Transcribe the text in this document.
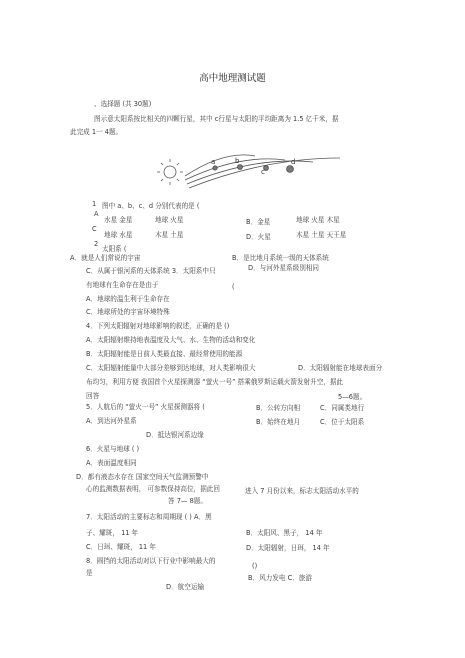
高中地理测试题
、选择题 (共 30题)
图示意太阳系按比相关的四颗行星，其中 c行星与太阳的平均距离为 1.5 亿千米，据
此完成 1一 4题。
a	b
c
d
1 图中 a、b、c、d 分别代表的是 (
A
水星 金星	地球 火星
C
地球 水星	木星 土星
B．金星	地球 火星 木星
D．火星	木星 土星 天王星
2
太阳系 (
A．就是人们常说的宇宙	B．是比地月系统一级的天体系统
C．从属于银河系的天体系统 3．太阳系中只	D．与河外星系级别相同
有地球有生命存在是由于	(
A．地球的温生利于生命存在
C．地球所处的宇宙环境特殊
4．下列太阳辐射对地球影响的叙述，正确的是 ()
A．太阳辐射维持地表温度及大气、水、生物的活动和变化
B．太阳辐射能是日前人类最直接、最经常使用的能源
C．太阳辐射能量中大部分差够到达地球，对人类影响很大	D．太阳辐射能在地球表面分
布均匀，利用方便 我国首个火星探测器 “萤火一号” 搭乘俄罗斯运载火箭发射升空，据此
回答	5—6题。
5．人航后的 “萤火一号” 火星探测器将 (	B．公转方向相	C．同属类地行
A．到达河外星系	B．始终在地月	C．位于太阳系
D．抵达银河系边缘
6．火星与地球 ( )
A．表面温度相同
D．都有液态水存在 国家空间天气监测预警中
心的监测数据表明， 可参数保持高位，据此回	进入 7 月份以来，标志太阳活动水平的
答 7— 8题。
7．太阳活动的主要标志和周期现 ( ) A．黑
子、耀斑， 11 年	B．太阳风、黑子， 14 年
C．日珥、耀斑， 11 年	D．太阳辐射，日珥， 14 年
8．圆挡的太阳活动对以下行业中影响最大的
是
()
B．风力发电 C．旅游
D．航空运输
